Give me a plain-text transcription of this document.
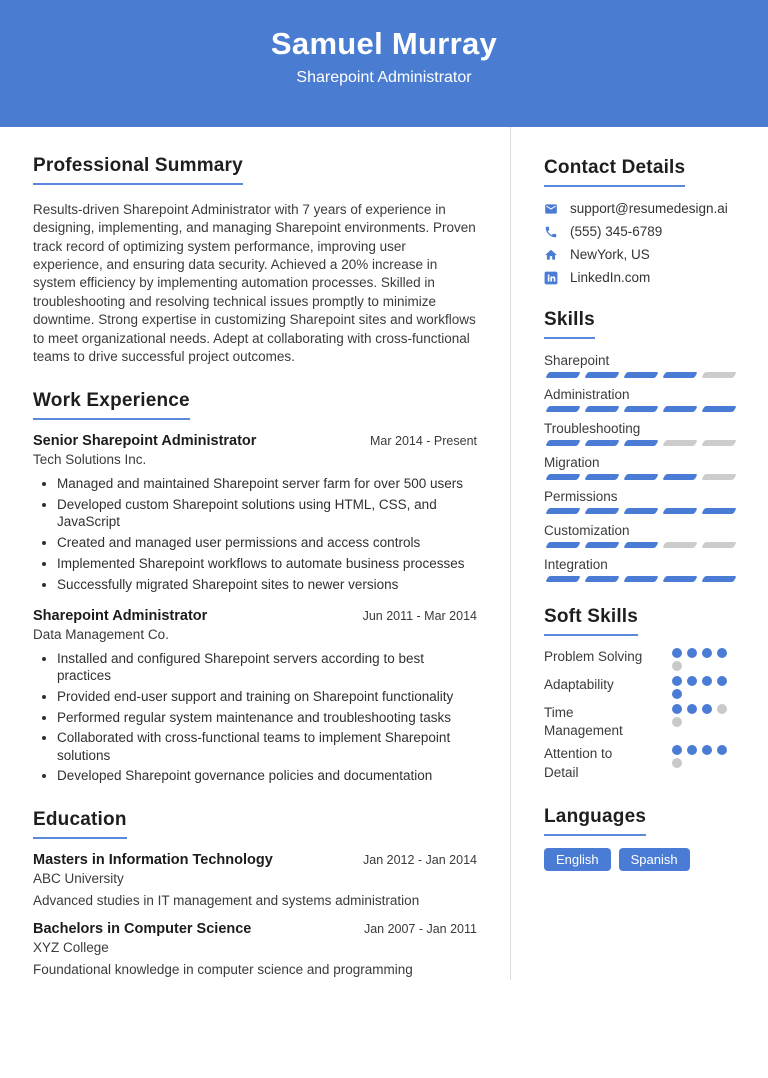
Samuel Murray
Sharepoint Administrator
Professional Summary

Results-driven Sharepoint Administrator with 7 years of experience in designing, implementing, and managing Sharepoint environments. Proven track record of optimizing system performance, improving user experience, and ensuring data security. Achieved a 20% increase in system efficiency by implementing automation processes. Skilled in troubleshooting and resolving technical issues promptly to minimize downtime. Strong expertise in customizing Sharepoint sites and workflows to meet organizational needs. Adept at collaborating with cross-functional teams to drive successful project outcomes.

Work Experience
Senior Sharepoint Administrator	Mar 2014 - Present
Tech Solutions Inc.
• Managed and maintained Sharepoint server farm for over 500 users
• Developed custom Sharepoint solutions using HTML, CSS, and JavaScript
• Created and managed user permissions and access controls
• Implemented Sharepoint workflows to automate business processes
• Successfully migrated Sharepoint sites to newer versions
Sharepoint Administrator	Jun 2011 - Mar 2014
Data Management Co.
• Installed and configured Sharepoint servers according to best practices
• Provided end-user support and training on Sharepoint functionality
• Performed regular system maintenance and troubleshooting tasks
• Collaborated with cross-functional teams to implement Sharepoint solutions
• Developed Sharepoint governance policies and documentation
Education
Masters in Information Technology	Jan 2012 - Jan 2014
ABC University
Advanced studies in IT management and systems administration
Bachelors in Computer Science	Jan 2007 - Jan 2011
XYZ College
Foundational knowledge in computer science and programming
Contact Details
support@resumedesign.ai
(555) 345-6789
NewYork, US
LinkedIn.com
Skills
Sharepoint
Administration
Troubleshooting
Migration
Permissions
Customization
Integration
Soft Skills
Problem Solving
Adaptability
Time Management
Attention to Detail
Languages
English	Spanish
